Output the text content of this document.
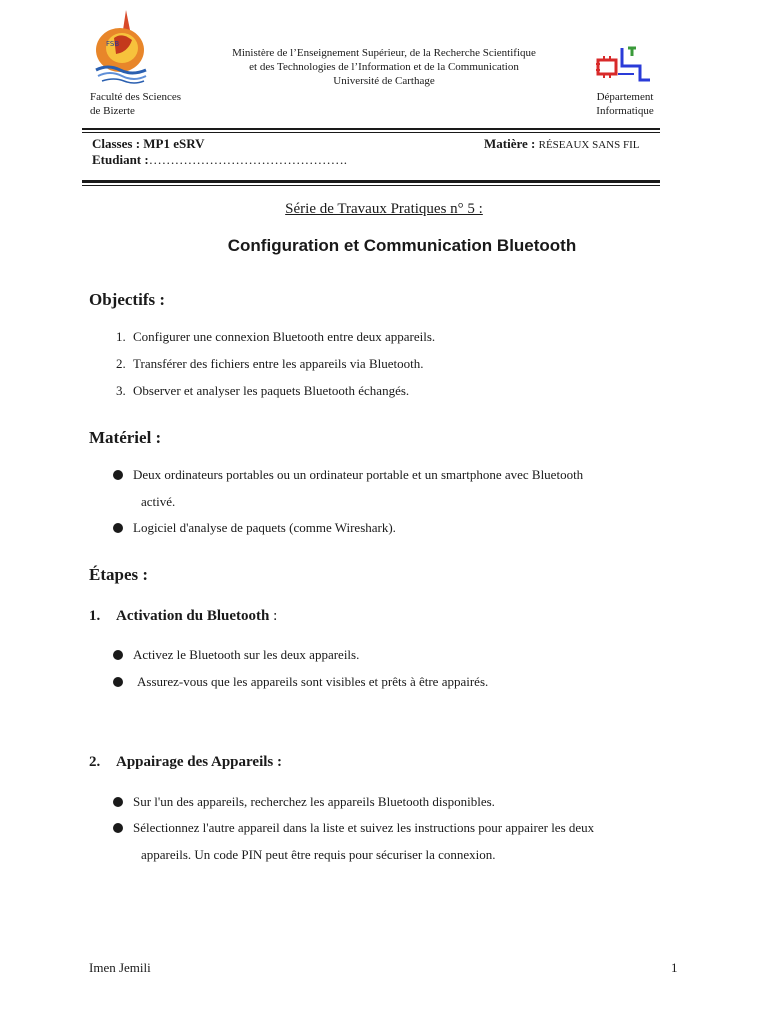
FSB
Faculté des Sciences
de Bizerte
Ministère de l’Enseignement Supérieur, de la Recherche Scientifique
et des Technologies de l’Information et de la Communication
Université de Carthage
Département
Informatique
Classes : MP1 eSRV
Etudiant :……………………………………….
Matière : RÉSEAUX SANS FIL
Série de Travaux Pratiques n° 5 :
Configuration et Communication Bluetooth
Objectifs :
1. Configurer une connexion Bluetooth entre deux appareils.
2. Transférer des fichiers entre les appareils via Bluetooth.
3. Observer et analyser les paquets Bluetooth échangés.
Matériel :
Deux ordinateurs portables ou un ordinateur portable et un smartphone avec Bluetooth
activé.
Logiciel d'analyse de paquets (comme Wireshark).
Étapes :
1. Activation du Bluetooth :
Activez le Bluetooth sur les deux appareils.
Assurez-vous que les appareils sont visibles et prêts à être appairés.
2. Appairage des Appareils :
Sur l'un des appareils, recherchez les appareils Bluetooth disponibles.
Sélectionnez l'autre appareil dans la liste et suivez les instructions pour appairer les deux
appareils. Un code PIN peut être requis pour sécuriser la connexion.
Imen Jemili	1
